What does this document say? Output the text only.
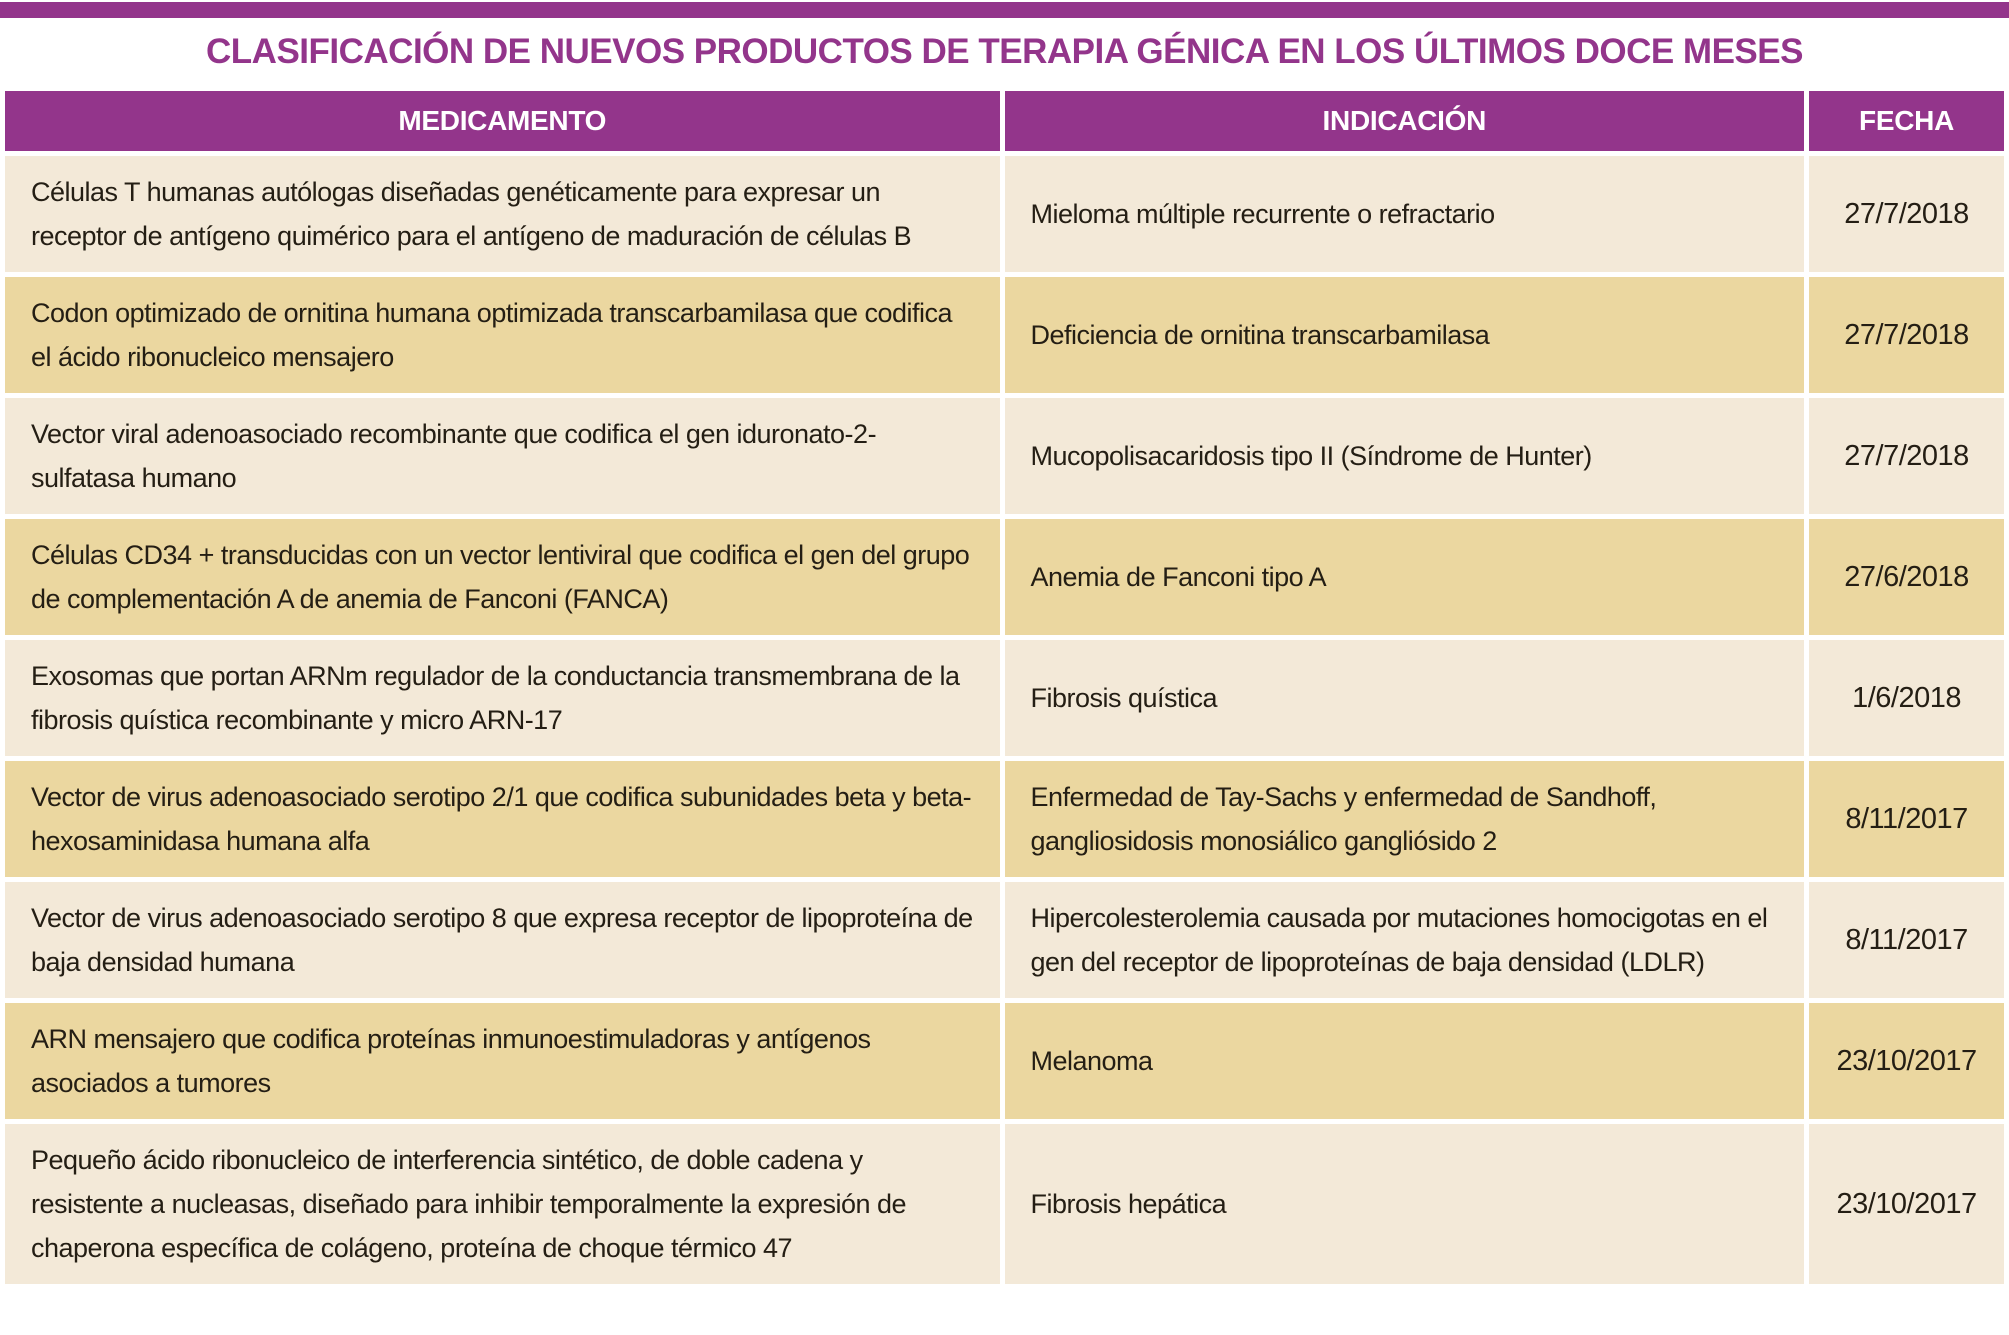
CLASIFICACIÓN DE NUEVOS PRODUCTOS DE TERAPIA GÉNICA EN LOS ÚLTIMOS DOCE MESES
MEDICAMENTO	INDICACIÓN	FECHA
Células T humanas autólogas diseñadas genéticamente para expresar un receptor de antígeno quimérico para el antígeno de maduración de células B	Mieloma múltiple recurrente o refractario	27/7/2018
Codon optimizado de ornitina humana optimizada transcarbamilasa que codifica el ácido ribonucleico mensajero	Deficiencia de ornitina transcarbamilasa	27/7/2018
Vector viral adenoasociado recombinante que codifica el gen iduronato-2-sulfatasa humano	Mucopolisacaridosis tipo II (Síndrome de Hunter)	27/7/2018
Células CD34 + transducidas con un vector lentiviral que codifica el gen del grupo de complementación A de anemia de Fanconi (FANCA)	Anemia de Fanconi tipo A	27/6/2018
Exosomas que portan ARNm regulador de la conductancia transmembrana de la fibrosis quística recombinante y micro ARN-17	Fibrosis quística	1/6/2018
Vector de virus adenoasociado serotipo 2/1 que codifica subunidades beta y beta-hexosaminidasa humana alfa	Enfermedad de Tay-Sachs y enfermedad de Sandhoff, gangliosidosis monosiálico gangliósido 2	8/11/2017
Vector de virus adenoasociado serotipo 8 que expresa receptor de lipoproteína de baja densidad humana	Hipercolesterolemia causada por mutaciones homocigotas en el gen del receptor de lipoproteínas de baja densidad (LDLR)	8/11/2017
ARN mensajero que codifica proteínas inmunoestimuladoras y antígenos asociados a tumores	Melanoma	23/10/2017
Pequeño ácido ribonucleico de interferencia sintético, de doble cadena y resistente a nucleasas, diseñado para inhibir temporalmente la expresión de chaperona específica de colágeno, proteína de choque térmico 47	Fibrosis hepática	23/10/2017
